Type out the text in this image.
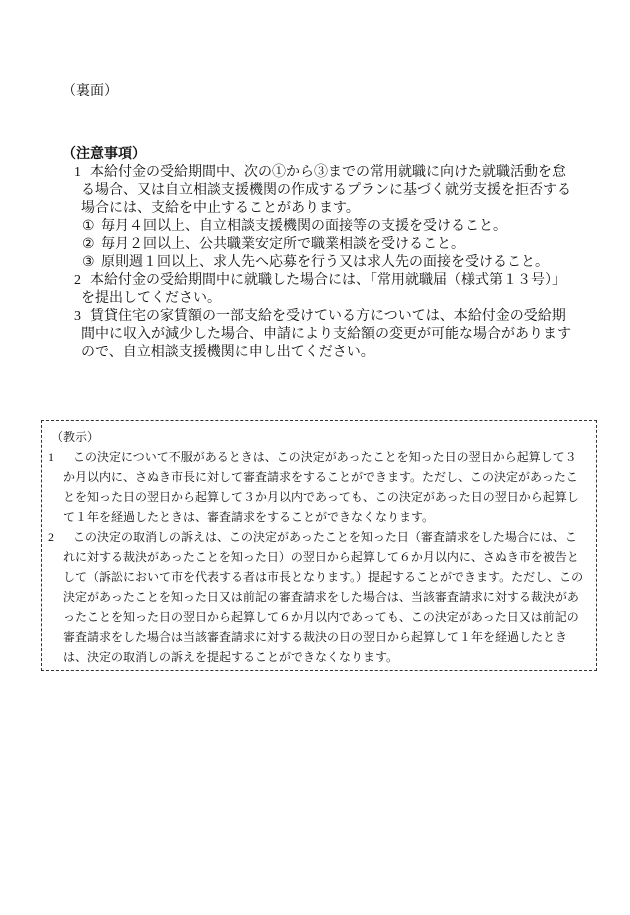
（裏面）
（注意事項）
1 本給付金の受給期間中、次の①から③までの常用就職に向けた就職活動を怠る場合、又は自立相談支援機関の作成するプランに基づく就労支援を拒否する場合には、支給を中止することがあります。
① 毎月４回以上、自立相談支援機関の面接等の支援を受けること。
② 毎月２回以上、公共職業安定所で職業相談を受けること。
③ 原則週１回以上、求人先へ応募を行う又は求人先の面接を受けること。
2 本給付金の受給期間中に就職した場合には、「常用就職届（様式第１３号）」を提出してください。
3 賃貸住宅の家賃額の一部支給を受けている方については、本給付金の受給期間中に収入が減少した場合、申請により支給額の変更が可能な場合がありますので、自立相談支援機関に申し出てください。
（教示）
1 この決定について不服があるときは、この決定があったことを知った日の翌日から起算して３か月以内に、さぬき市長に対して審査請求をすることができます。ただし、この決定があったことを知った日の翌日から起算して３か月以内であっても、この決定があった日の翌日から起算して１年を経過したときは、審査請求をすることができなくなります。
2 この決定の取消しの訴えは、この決定があったことを知った日（審査請求をした場合には、これに対する裁決があったことを知った日）の翌日から起算して６か月以内に、さぬき市を被告として（訴訟において市を代表する者は市長となります。）提起することができます。ただし、この決定があったことを知った日又は前記の審査請求をした場合は、当該審査請求に対する裁決があったことを知った日の翌日から起算して６か月以内であっても、この決定があった日又は前記の審査請求をした場合は当該審査請求に対する裁決の日の翌日から起算して１年を経過したときは、決定の取消しの訴えを提起することができなくなります。
